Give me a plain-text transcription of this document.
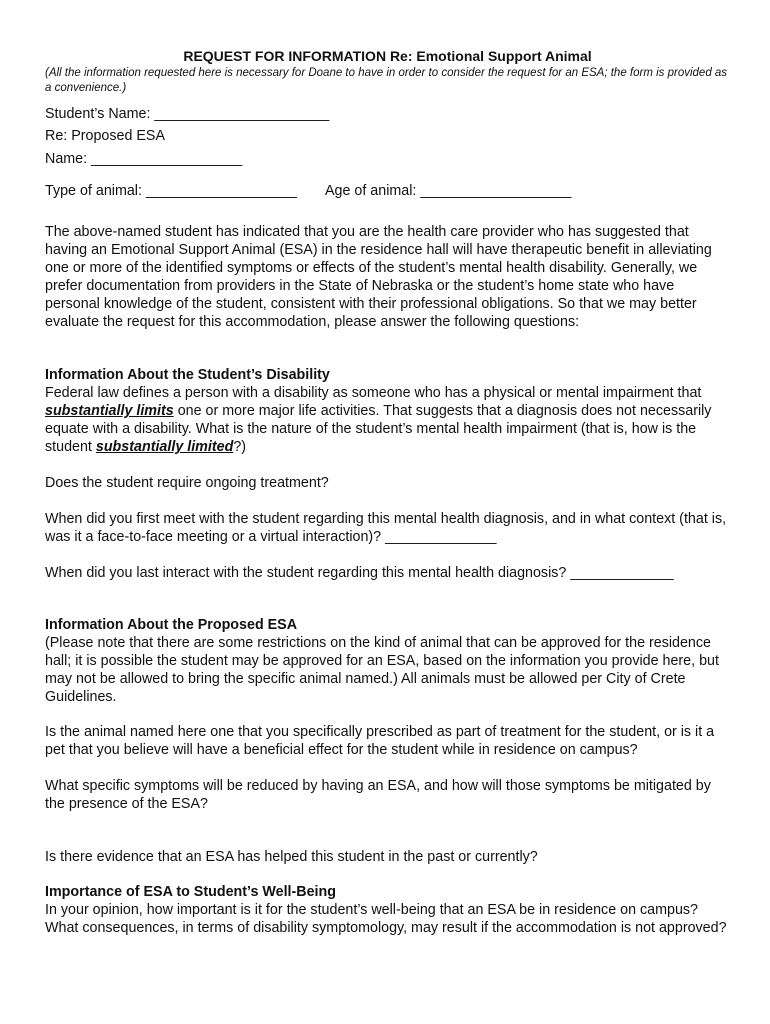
REQUEST FOR INFORMATION Re: Emotional Support Animal
(All the information requested here is necessary for Doane to have in order to consider the request for an ESA; the form is provided as a convenience.)
Student’s Name: ______________________
Re: Proposed ESA
Name: ___________________
Type of animal: ___________________ Age of animal: ___________________

The above-named student has indicated that you are the health care provider who has suggested that having an Emotional Support Animal (ESA) in the residence hall will have therapeutic benefit in alleviating one or more of the identified symptoms or effects of the student’s mental health disability. Generally, we prefer documentation from providers in the State of Nebraska or the student’s home state who have personal knowledge of the student, consistent with their professional obligations. So that we may better evaluate the request for this accommodation, please answer the following questions:

Information About the Student’s Disability

Federal law defines a person with a disability as someone who has a physical or mental impairment that substantially limits one or more major life activities. That suggests that a diagnosis does not necessarily equate with a disability. What is the nature of the student’s mental health impairment (that is, how is the student substantially limited?)

Does the student require ongoing treatment?

When did you first meet with the student regarding this mental health diagnosis, and in what context (that is, was it a face-to-face meeting or a virtual interaction)? ______________

When did you last interact with the student regarding this mental health diagnosis? _____________

Information About the Proposed ESA

(Please note that there are some restrictions on the kind of animal that can be approved for the residence hall; it is possible the student may be approved for an ESA, based on the information you provide here, but may not be allowed to bring the specific animal named.) All animals must be allowed per City of Crete Guidelines.

Is the animal named here one that you specifically prescribed as part of treatment for the student, or is it a pet that you believe will have a beneficial effect for the student while in residence on campus?

What specific symptoms will be reduced by having an ESA, and how will those symptoms be mitigated by the presence of the ESA?

Is there evidence that an ESA has helped this student in the past or currently?

Importance of ESA to Student’s Well-Being

In your opinion, how important is it for the student’s well-being that an ESA be in residence on campus? What consequences, in terms of disability symptomology, may result if the accommodation is not approved?
